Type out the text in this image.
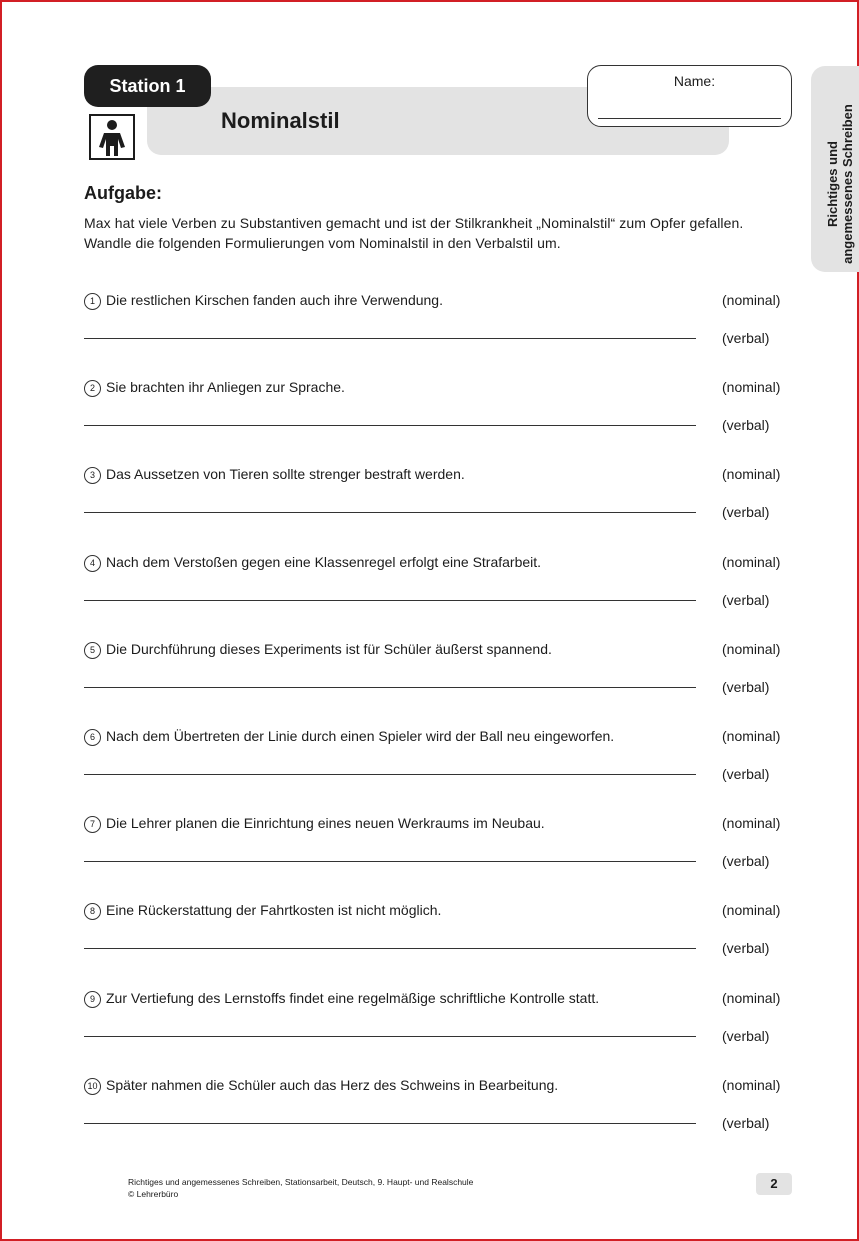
Station 1
Nominalstil
Name:
Richtiges und angemessenes Schreiben
Aufgabe:
Max hat viele Verben zu Substantiven gemacht und ist der Stilkrankheit „Nominalstil“ zum Opfer gefallen. Wandle die folgenden Formulierungen vom Nominalstil in den Verbalstil um.
1 Die restlichen Kirschen fanden auch ihre Verwendung.	(nominal)
(verbal)
2 Sie brachten ihr Anliegen zur Sprache.	(nominal)
(verbal)
3 Das Aussetzen von Tieren sollte strenger bestraft werden.	(nominal)
(verbal)
4 Nach dem Verstoßen gegen eine Klassenregel erfolgt eine Strafarbeit.	(nominal)
(verbal)
5 Die Durchführung dieses Experiments ist für Schüler äußerst spannend.	(nominal)
(verbal)
6 Nach dem Übertreten der Linie durch einen Spieler wird der Ball neu eingeworfen.	(nominal)
(verbal)
7 Die Lehrer planen die Einrichtung eines neuen Werkraums im Neubau.	(nominal)
(verbal)
8 Eine Rückerstattung der Fahrtkosten ist nicht möglich.	(nominal)
(verbal)
9 Zur Vertiefung des Lernstoffs findet eine regelmäßige schriftliche Kontrolle statt.	(nominal)
(verbal)
10 Später nahmen die Schüler auch das Herz des Schweins in Bearbeitung.	(nominal)
(verbal)
Richtiges und angemessenes Schreiben, Stationsarbeit, Deutsch, 9. Haupt- und Realschule
© Lehrerbüro
2
